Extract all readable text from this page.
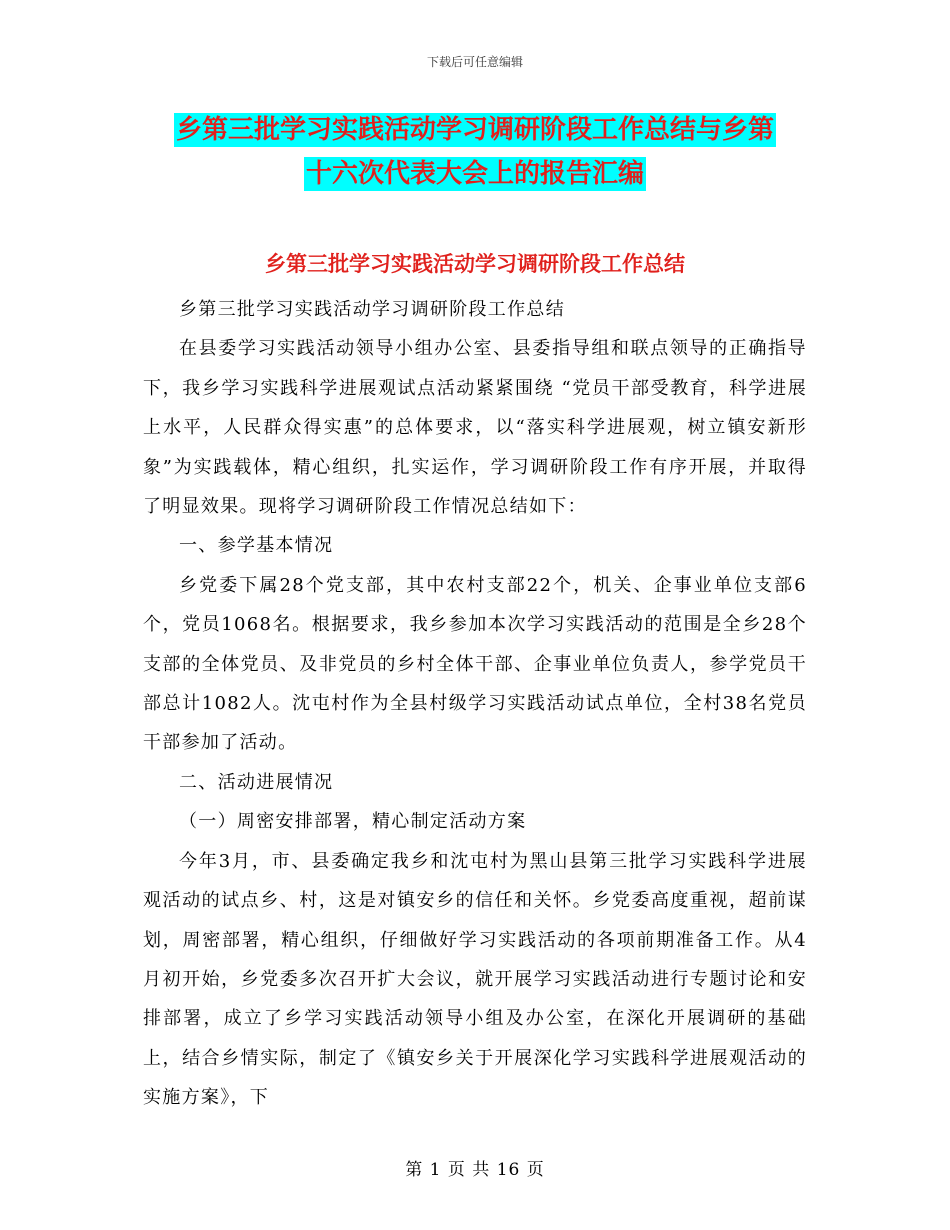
下载后可任意编辑
乡第三批学习实践活动学习调研阶段工作总结与乡第
十六次代表大会上的报告汇编
乡第三批学习实践活动学习调研阶段工作总结

乡第三批学习实践活动学习调研阶段工作总结

在县委学习实践活动领导小组办公室、县委指导组和联点领导的正确指导下，我乡学习实践科学进展观试点活动紧紧围绕 “党员干部受教育，科学进展上水平，人民群众得实惠”的总体要求，以“落实科学进展观，树立镇安新形象”为实践载体，精心组织，扎实运作，学习调研阶段工作有序开展，并取得了明显效果。现将学习调研阶段工作情况总结如下：

一、参学基本情况

乡党委下属28个党支部，其中农村支部22个，机关、企事业单位支部6个，党员1068名。根据要求，我乡参加本次学习实践活动的范围是全乡28个支部的全体党员、及非党员的乡村全体干部、企事业单位负责人，参学党员干部总计1082人。沈屯村作为全县村级学习实践活动试点单位，全村38名党员干部参加了活动。

二、活动进展情况

（一）周密安排部署，精心制定活动方案

今年3月，市、县委确定我乡和沈屯村为黑山县第三批学习实践科学进展观活动的试点乡、村，这是对镇安乡的信任和关怀。乡党委高度重视，超前谋划，周密部署，精心组织，仔细做好学习实践活动的各项前期准备工作。从4月初开始，乡党委多次召开扩大会议，就开展学习实践活动进行专题讨论和安排部署，成立了乡学习实践活动领导小组及办公室，在深化开展调研的基础上，结合乡情实际，制定了《镇安乡关于开展深化学习实践科学进展观活动的实施方案》，下

第 1 页 共 16 页
